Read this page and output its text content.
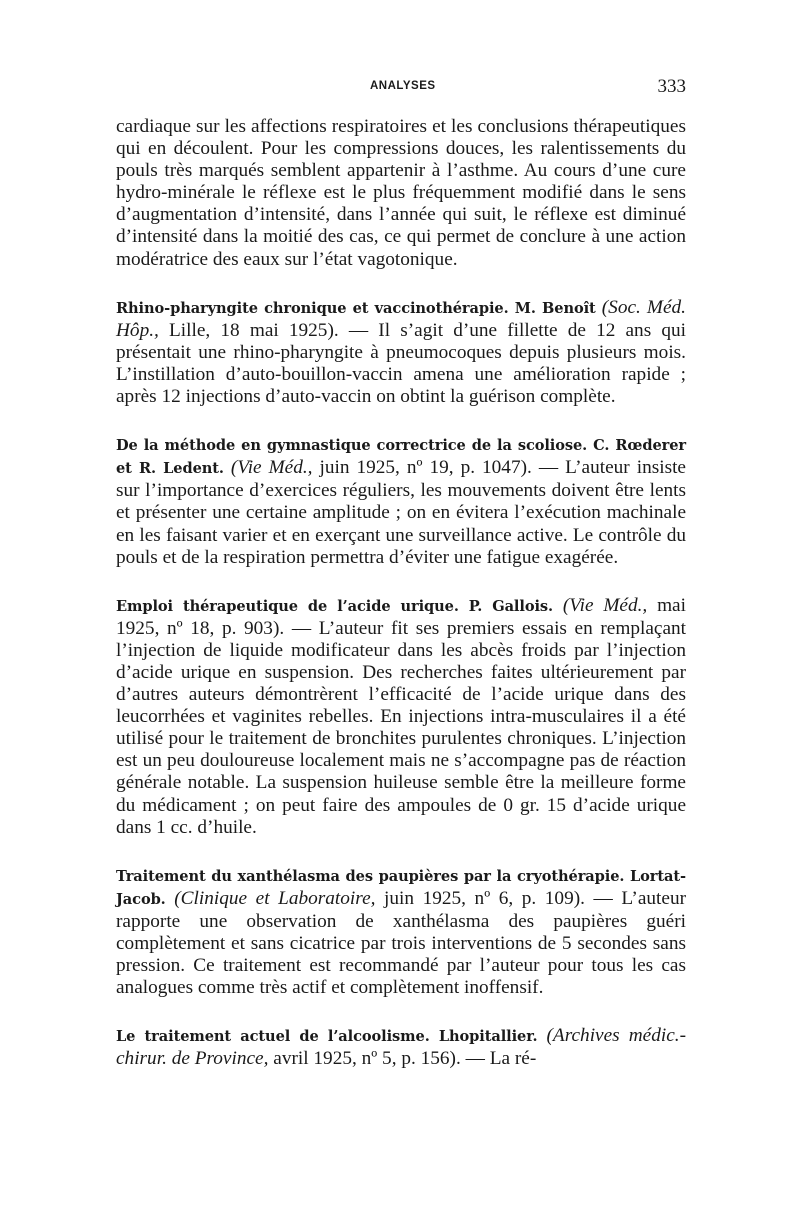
ANALYSES	333

cardiaque sur les affections respiratoires et les conclusions thérapeutiques qui en découlent. Pour les compressions douces, les ralentissements du pouls très marqués semblent appartenir à l’asthme. Au cours d’une cure hydro-minérale le réflexe est le plus fréquemment modifié dans le sens d’augmentation d’intensité, dans l’année qui suit, le réflexe est diminué d’intensité dans la moitié des cas, ce qui permet de conclure à une action modératrice des eaux sur l’état vagotonique.

Rhino-pharyngite chronique et vaccinothérapie. M. Benoît (Soc. Méd. Hôp., Lille, 18 mai 1925). — Il s’agit d’une fillette de 12 ans qui présentait une rhino-pharyngite à pneumocoques depuis plusieurs mois. L’instillation d’auto-bouillon-vaccin amena une amélioration rapide ; après 12 injections d’auto-vaccin on obtint la guérison complète.

De la méthode en gymnastique correctrice de la scoliose. C. Rœderer et R. Ledent. (Vie Méd., juin 1925, nº 19, p. 1047). — L’auteur insiste sur l’importance d’exercices réguliers, les mouvements doivent être lents et présenter une certaine amplitude ; on en évitera l’exécution machinale en les faisant varier et en exerçant une surveillance active. Le contrôle du pouls et de la respiration permettra d’éviter une fatigue exagérée.

Emploi thérapeutique de l’acide urique. P. Gallois. (Vie Méd., mai 1925, nº 18, p. 903). — L’auteur fit ses premiers essais en remplaçant l’injection de liquide modificateur dans les abcès froids par l’injection d’acide urique en suspension. Des recherches faites ultérieurement par d’autres auteurs démontrèrent l’efficacité de l’acide urique dans des leucorrhées et vaginites rebelles. En injections intra-musculaires il a été utilisé pour le traitement de bronchites purulentes chroniques. L’injection est un peu douloureuse localement mais ne s’accompagne pas de réaction générale notable. La suspension huileuse semble être la meilleure forme du médicament ; on peut faire des ampoules de 0 gr. 15 d’acide urique dans 1 cc. d’huile.

Traitement du xanthélasma des paupières par la cryothérapie. Lortat-Jacob. (Clinique et Laboratoire, juin 1925, nº 6, p. 109). — L’auteur rapporte une observation de xanthélasma des paupières guéri complètement et sans cicatrice par trois interventions de 5 secondes sans pression. Ce traitement est recommandé par l’auteur pour tous les cas analogues comme très actif et complètement inoffensif.

Le traitement actuel de l’alcoolisme. Lhopitallier. (Archives médic.-chirur. de Province, avril 1925, nº 5, p. 156). — La ré-
